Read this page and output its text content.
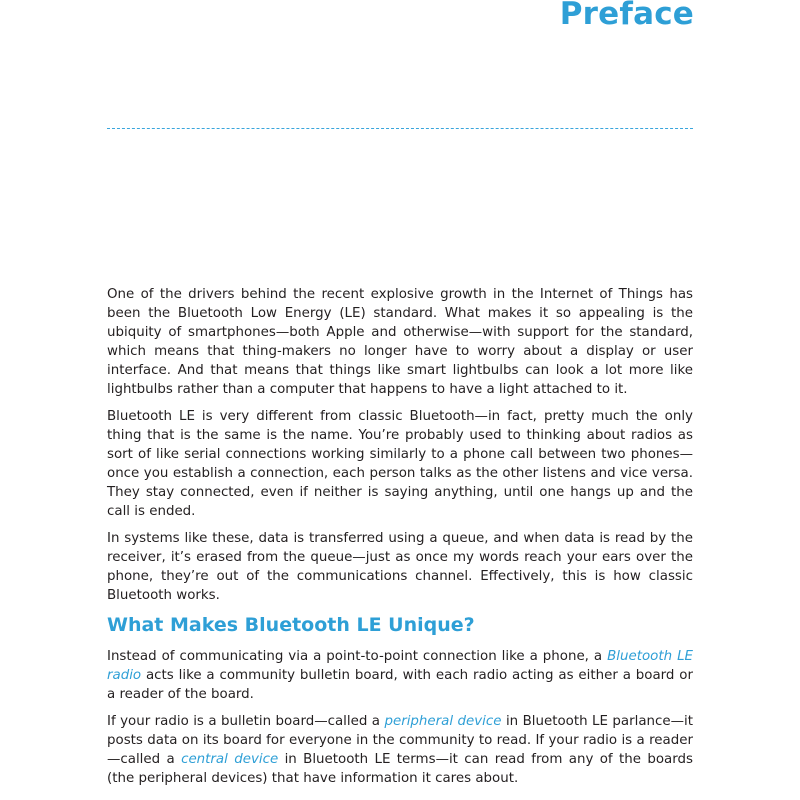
Preface

One of the drivers behind the recent explosive growth in the Internet of Things has been the Bluetooth Low Energy (LE) standard. What makes it so appealing is the ubiquity of smartphones—both Apple and otherwise—with support for the standard, which means that thing-makers no longer have to worry about a display or user interface. And that means that things like smart lightbulbs can look a lot more like lightbulbs rather than a computer that happens to have a light attached to it.

Bluetooth LE is very different from classic Bluetooth—in fact, pretty much the only thing that is the same is the name. You’re probably used to thinking about radios as sort of like serial connections working similarly to a phone call between two phones—once you establish a connection, each person talks as the other listens and vice versa. They stay connected, even if neither is saying anything, until one hangs up and the call is ended.

In systems like these, data is transferred using a queue, and when data is read by the receiver, it’s erased from the queue—just as once my words reach your ears over the phone, they’re out of the communications channel. Effectively, this is how classic Bluetooth works.

What Makes Bluetooth LE Unique?

Instead of communicating via a point-to-point connection like a phone, a Bluetooth LE radio acts like a community bulletin board, with each radio acting as either a board or a reader of the board.

If your radio is a bulletin board—called a peripheral device in Bluetooth LE parlance—it posts data on its board for everyone in the community to read. If your radio is a reader—called a central device in Bluetooth LE terms—it can read from any of the boards (the peripheral devices) that have information it cares about.
